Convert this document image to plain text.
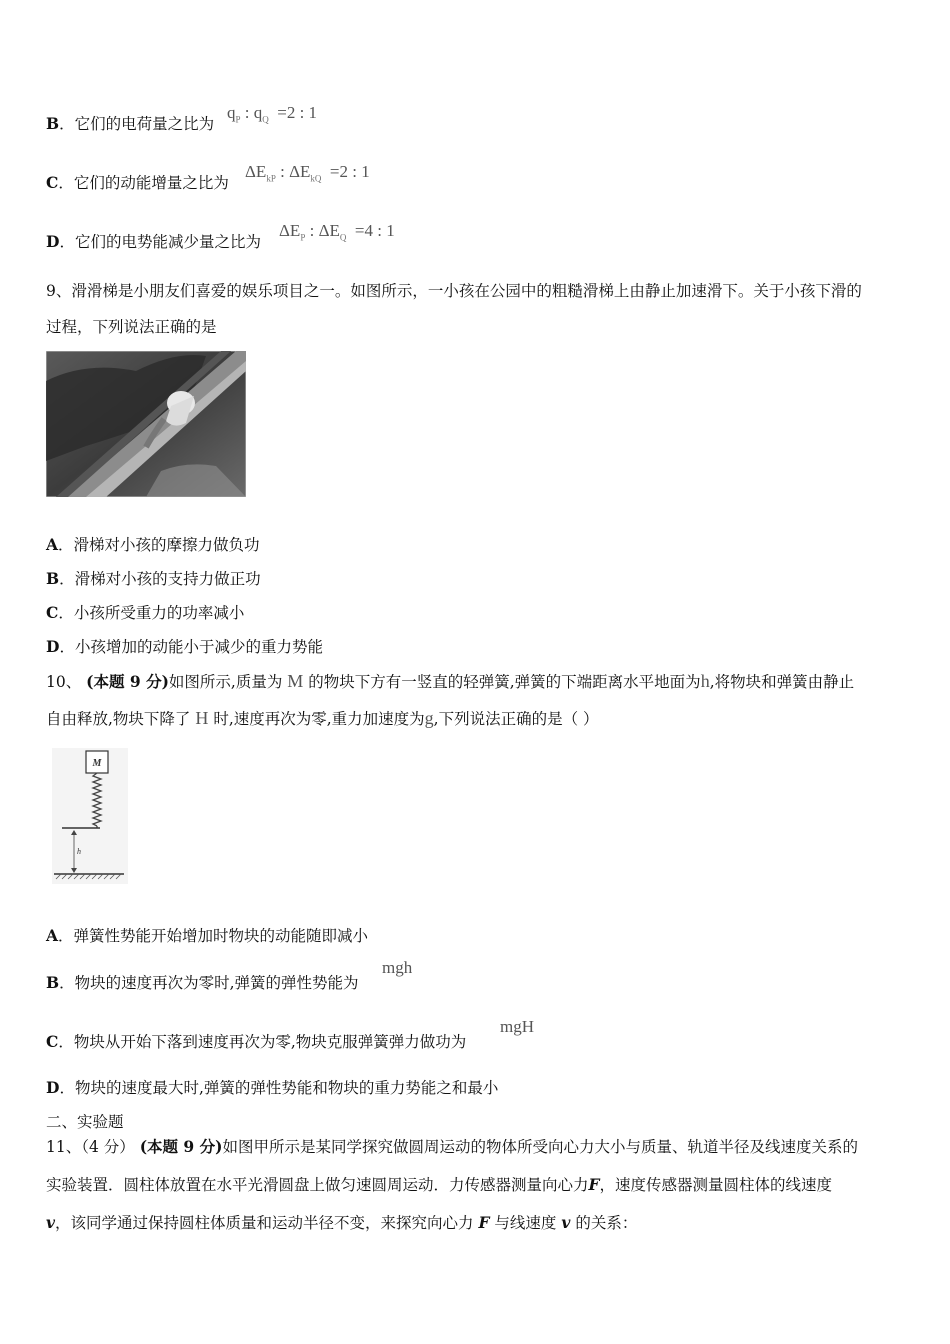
B．它们的电荷量之比为
$q_P$ : $q_Q =2$ : 1
C．它们的动能增量之比为
$\Delta E_{kP}$ : $\Delta E_{kQ} =2$ : 1
D．它们的电势能减少量之比为
$\Delta E_P$ : $\Delta E_Q =4$ : 1
9、滑滑梯是小朋友们喜爱的娱乐项目之一。如图所示，一小孩在公园中的粗糙滑梯上由静止加速滑下。关于小孩下滑的
过程，下列说法正确的是
A．滑梯对小孩的摩擦力做负功
B．滑梯对小孩的支持力做正功
C．小孩所受重力的功率减小
D．小孩增加的动能小于减少的重力势能
10、 (本题 9 分)如图所示,质量为 M 的物块下方有一竖直的轻弹簧,弹簧的下端距离水平地面为h,将物块和弹簧由静止
自由释放,物块下降了 H 时,速度再次为零,重力加速度为g,下列说法正确的是（ ）
M
h
A．弹簧性势能开始增加时物块的动能随即减小
B．物块的速度再次为零时,弹簧的弹性势能为
mgh
C．物块从开始下落到速度再次为零,物块克服弹簧弹力做功为
mgH
D．物块的速度最大时,弹簧的弹性势能和物块的重力势能之和最小
二、实验题
11、（4 分） (本题 9 分)如图甲所示是某同学探究做圆周运动的物体所受向心力大小与质量、轨道半径及线速度关系的
实验装置．圆柱体放置在水平光滑圆盘上做匀速圆周运动．力传感器测量向心力F，速度传感器测量圆柱体的线速度
v，该同学通过保持圆柱体质量和运动半径不变，来探究向心力 F 与线速度 v 的关系：
